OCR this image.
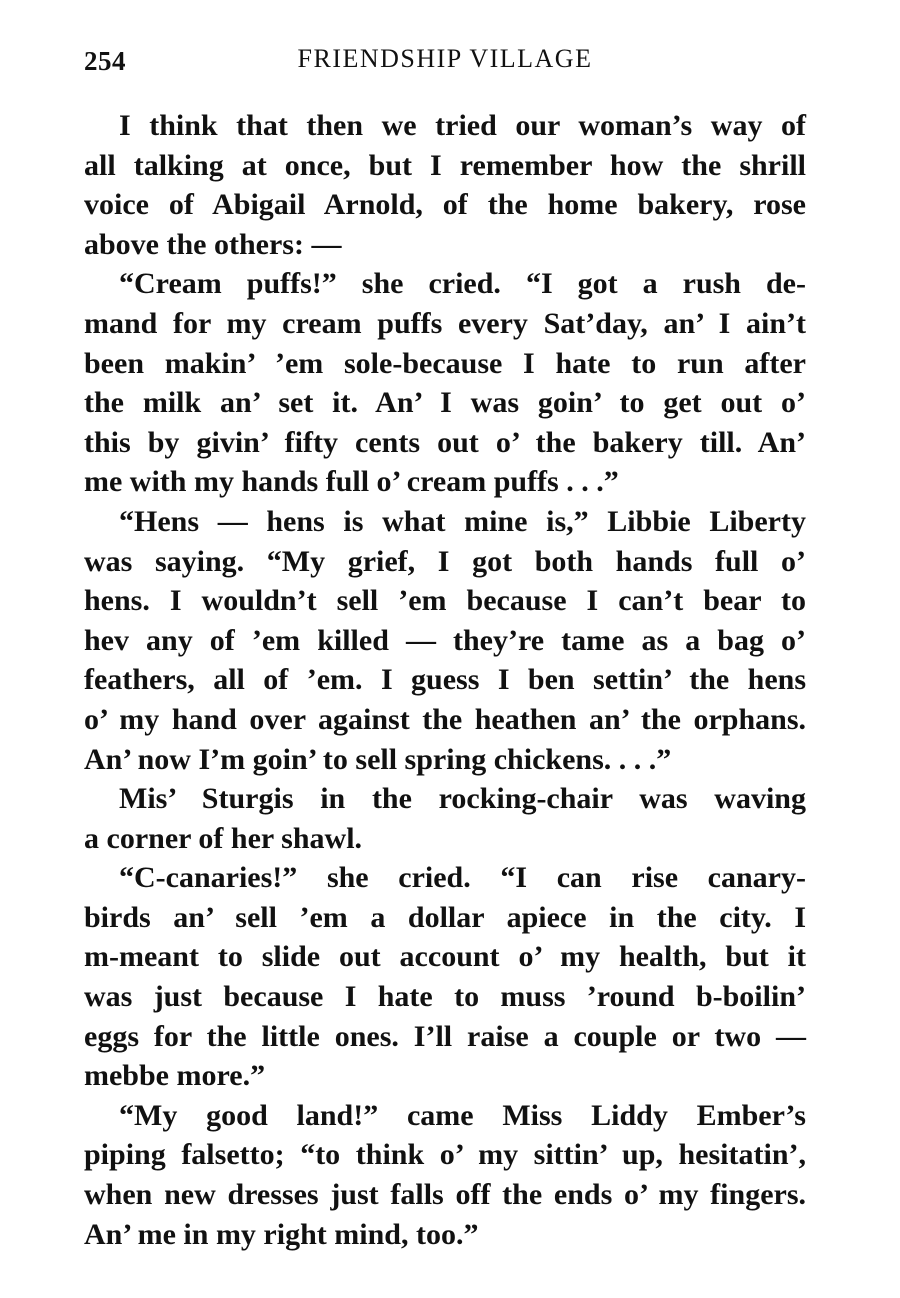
254	FRIENDSHIP VILLAGE

I think that then we tried our woman’s way of
all talking at once, but I remember how the shrill
voice of Abigail Arnold, of the home bakery, rose
above the others: —

“Cream puffs!” she cried. “I got a rush de-
mand for my cream puffs every Sat’day, an’ I ain’t
been makin’ ’em sole-because I hate to run after
the milk an’ set it. An’ I was goin’ to get out o’
this by givin’ fifty cents out o’ the bakery till. An’
me with my hands full o’ cream puffs . . .”

“Hens — hens is what mine is,” Libbie Liberty
was saying. “My grief, I got both hands full o’
hens. I wouldn’t sell ’em because I can’t bear to
hev any of ’em killed — they’re tame as a bag o’
feathers, all of ’em. I guess I ben settin’ the hens
o’ my hand over against the heathen an’ the orphans.
An’ now I’m goin’ to sell spring chickens. . . .”

Mis’ Sturgis in the rocking-chair was waving
a corner of her shawl.

“C-canaries!” she cried. “I can rise canary-
birds an’ sell ’em a dollar apiece in the city. I
m-meant to slide out account o’ my health, but it
was just because I hate to muss ’round b-boilin’
eggs for the little ones. I’ll raise a couple or two —
mebbe more.”

“My good land!” came Miss Liddy Ember’s
piping falsetto; “to think o’ my sittin’ up, hesitatin’,
when new dresses just falls off the ends o’ my fingers.
An’ me in my right mind, too.”
